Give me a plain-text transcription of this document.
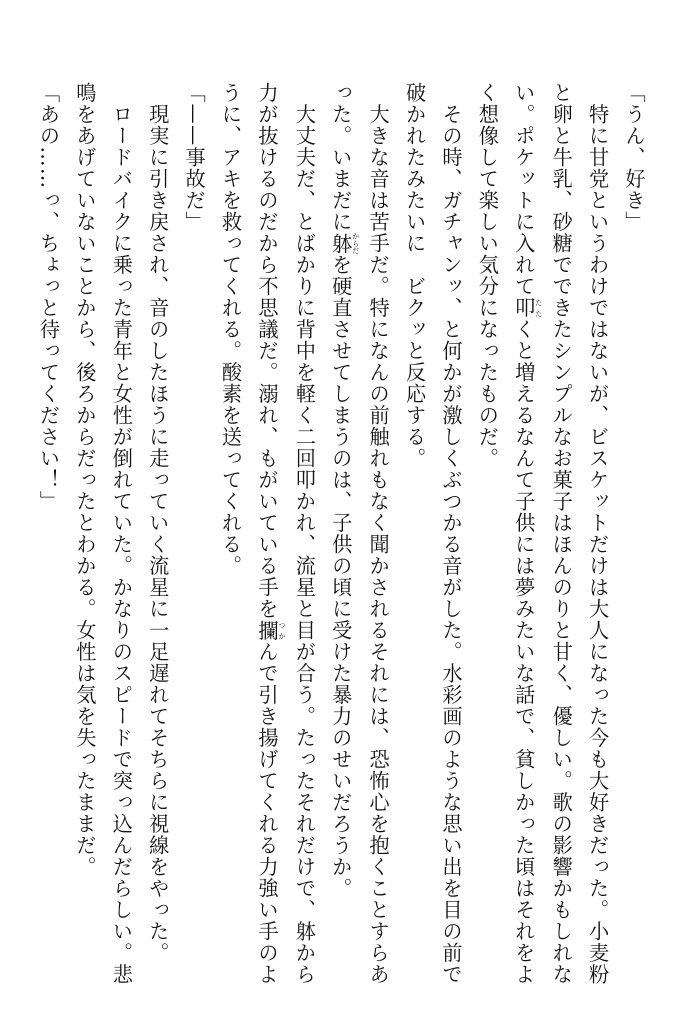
「うん、好き」
　特に甘党というわけではないが、ビスケットだけは大人になった今も大好きだった。小麦粉
と卵と牛乳、砂糖でできたシンプルなお菓子はほんのりと甘く、優しい。歌の影響かもしれな
い。ポケットに入れて叩 たたくと増えるなんて子供には夢みたいな話で、貧しかった頃はそれをよ
く想像して楽しい気分になったものだ。
　その時、ガチャンッ、と何かが激しくぶつかる音がした。水彩画のような思い出を目の前で
破かれたみたいに　ビクッと反応する。
　大きな音は苦手だ。特になんの前触れもなく聞かされるそれには、恐怖心を抱くことすらあ
った。いまだに躰 からだを硬直させてしまうのは、子供の頃に受けた暴力のせいだろうか。
　大丈夫だ、とばかりに背中を軽く二回叩かれ、流星と目が合う。たったそれだけで、躰から
力が抜けるのだから不思議だ。溺れ、もがいている手を攔 つかんで引き揚げてくれる力強い手のよ
うに、アキを救ってくれる。酸素を送ってくれる。
「——事故だ」
　現実に引き戻され、音のしたほうに走っていく流星に一足遅れてそちらに視線をやった。
　ロードバイクに乗った青年と女性が倒れていた。かなりのスピードで突っ込んだらしい。悲
鳴をあげていないことから、後ろからだったとわかる。女性は気を失ったままだ。
「あの……っ、ちょっと待ってください！」
